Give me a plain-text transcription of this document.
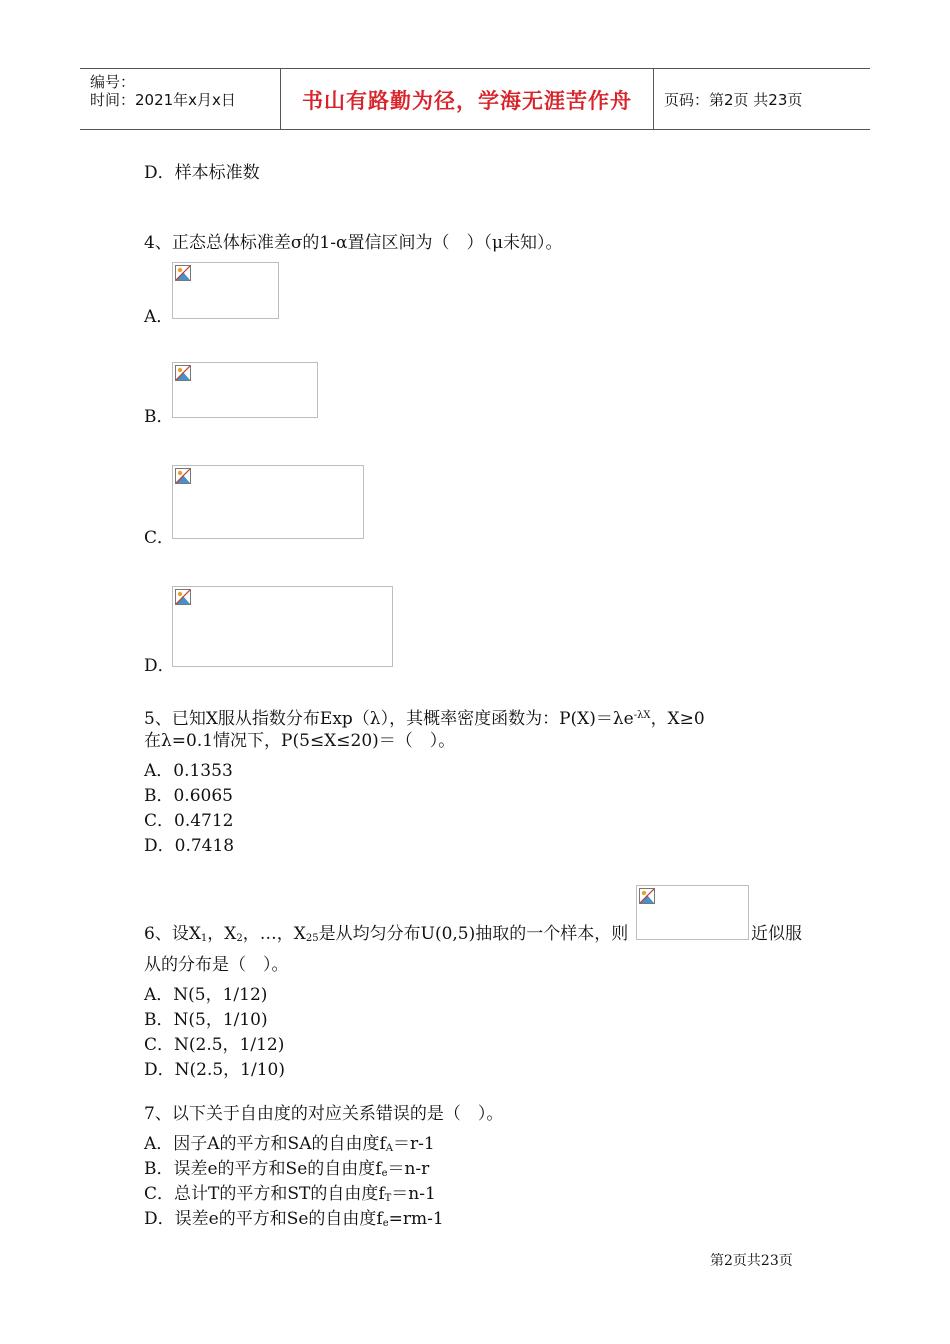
编号：
时间：2021年x月x日	书山有路勤为径，学海无涯苦作舟	页码：第2页 共23页
D．样本标准数
4、正态总体标准差σ的1-α置信区间为（　）（μ未知）。
A．
B．
C．
D．
5、已知X服从指数分布Exp（λ），其概率密度函数为：$P(X)=\lambda e^{-\lambda X}$，X≥0
在λ=0.1情况下，P(5≤X≤20)＝（　）。
A．0.1353
B．0.6065
C．0.4712
D．0.7418
6、设$X_1$，$X_2$，…，$X_{25}$是从均匀分布U(0,5)抽取的一个样本，则	近似服
从的分布是（　）。
A．N(5，1/12)
B．N(5，1/10)
C．N(2.5，1/12)
D．N(2.5，1/10)
7、以下关于自由度的对应关系错误的是（　）。
A．因子A的平方和SA的自由度$f_A=r-1$
B．误差e的平方和Se的自由度$f_e=n-r$
C．总计T的平方和ST的自由度$f_T=n-1$
D．误差e的平方和Se的自由度$f_e=rm-1$
第2页共23页
